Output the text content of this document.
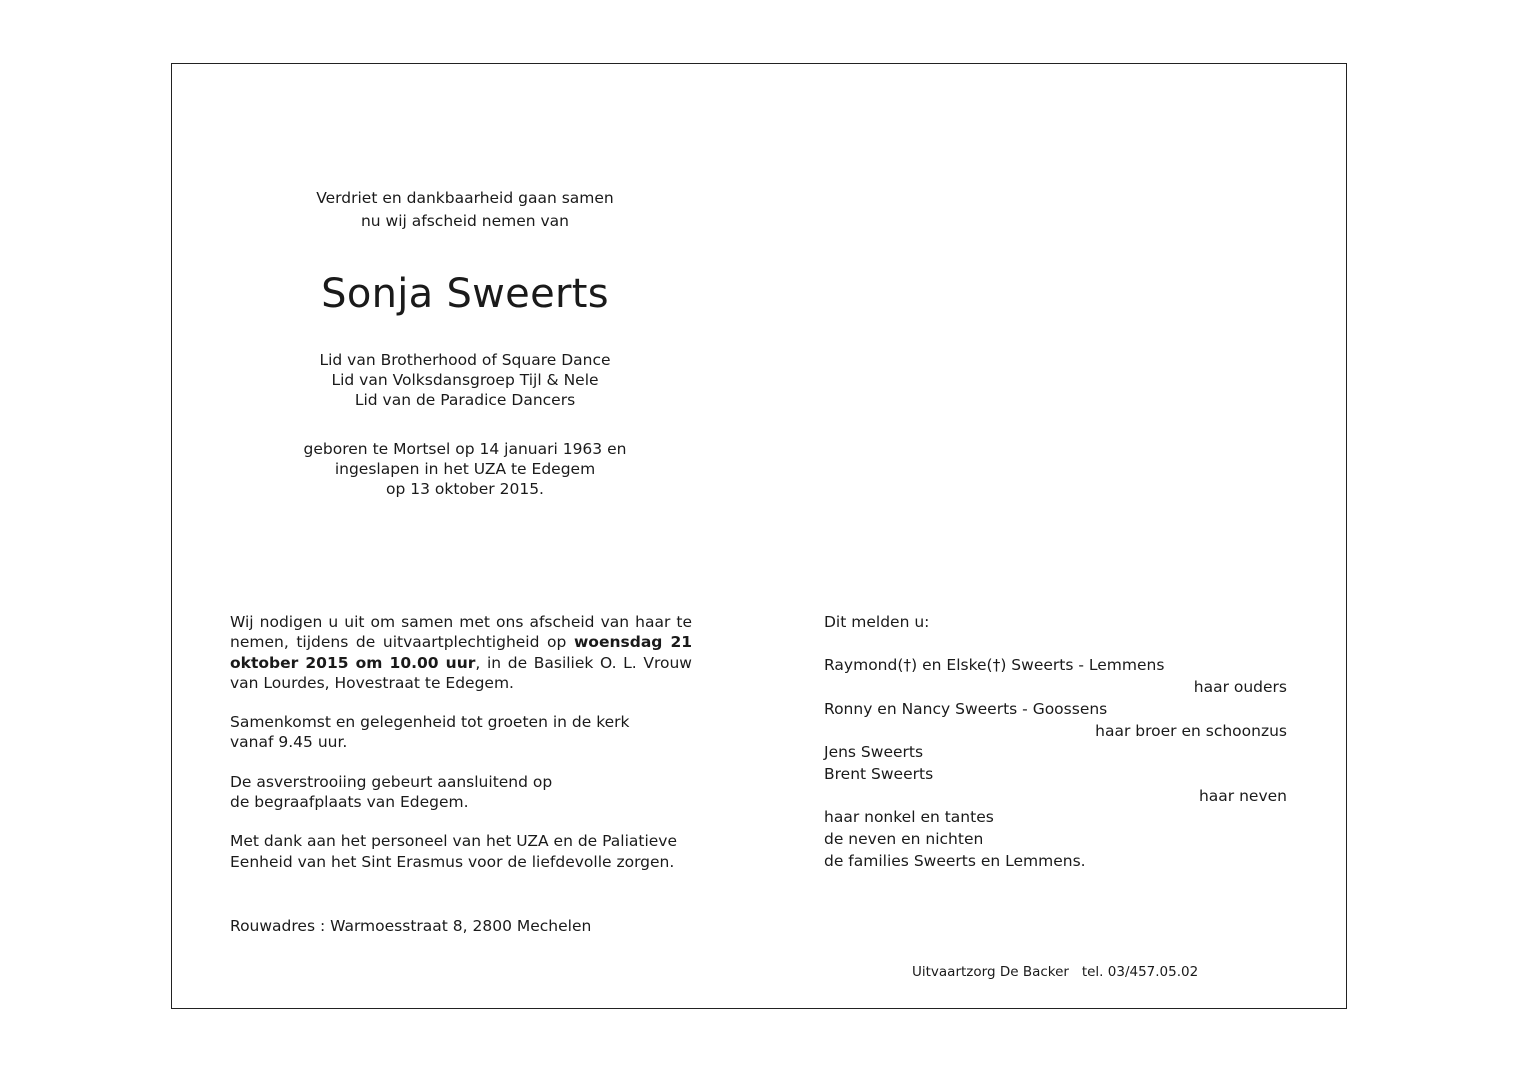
Verdriet en dankbaarheid gaan samen
nu wij afscheid nemen van
Sonja Sweerts
Lid van Brotherhood of Square Dance
Lid van Volksdansgroep Tijl & Nele
Lid van de Paradice Dancers
geboren te Mortsel op 14 januari 1963 en
ingeslapen in het UZA te Edegem
op 13 oktober 2015.

Wij nodigen u uit om samen met ons afscheid van haar te nemen, tijdens de uitvaartplechtigheid op woensdag 21 oktober 2015 om 10.00 uur, in de Basiliek O. L. Vrouw van Lourdes, Hovestraat te Edegem.

Samenkomst en gelegenheid tot groeten in de kerk

vanaf 9.45 uur.

De asverstrooiing gebeurt aansluitend op

de begraafplaats van Edegem.

Met dank aan het personeel van het UZA en de Paliatieve

Eenheid van het Sint Erasmus voor de liefdevolle zorgen.

Rouwadres : Warmoesstraat 8, 2800 Mechelen
Dit melden u:
Raymond(†) en Elske(†) Sweerts - Lemmens
haar ouders
Ronny en Nancy Sweerts - Goossens
haar broer en schoonzus
Jens Sweerts
Brent Sweerts
haar neven
haar nonkel en tantes
de neven en nichten
de families Sweerts en Lemmens.
Uitvaartzorg De Backer   tel. 03/457.05.02
